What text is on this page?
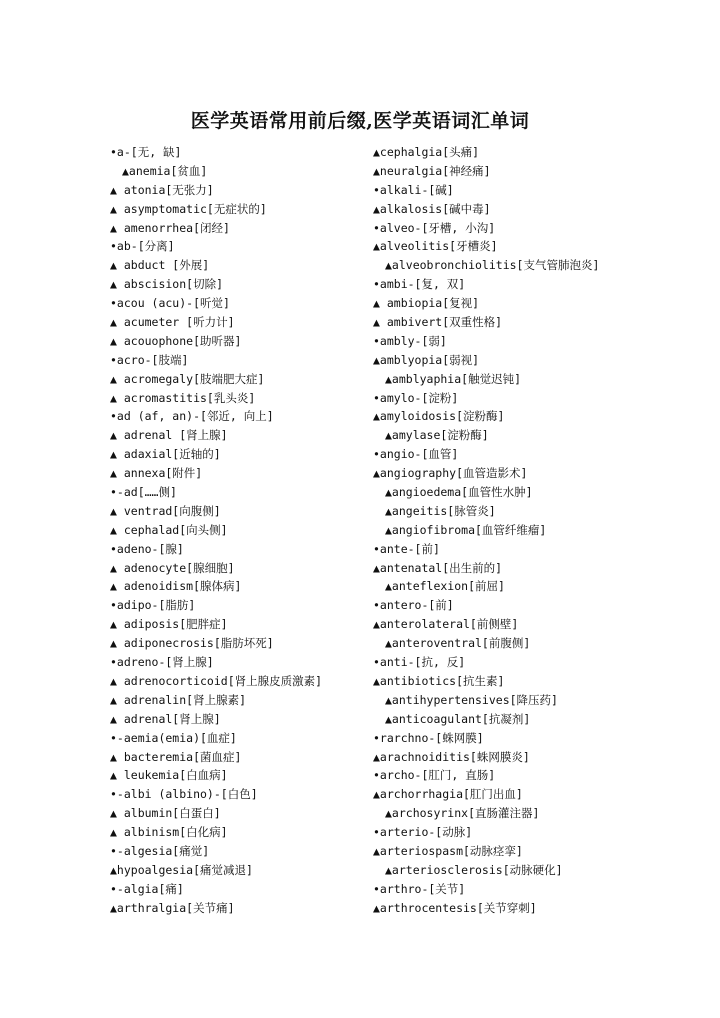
医学英语常用前后缀,医学英语词汇单词
•a-[无, 缺]
▲anemia[贫血]
▲ atonia[无张力]
▲ asymptomatic[无症状的]
▲ amenorrhea[闭经]
•ab-[分离]
▲ abduct [外展]
▲ abscision[切除]
•acou (acu)-[听觉]
▲ acumeter [听力计]
▲ acouophone[助听器]
•acro-[肢端]
▲ acromegaly[肢端肥大症]
▲ acromastitis[乳头炎]
•ad (af, an)-[邻近, 向上]
▲ adrenal [肾上腺]
▲ adaxial[近轴的]
▲ annexa[附件]
•-ad[……侧]
▲ ventrad[向腹侧]
▲ cephalad[向头侧]
•adeno-[腺]
▲ adenocyte[腺细胞]
▲ adenoidism[腺体病]
•adipo-[脂肪]
▲ adiposis[肥胖症]
▲ adiponecrosis[脂肪坏死]
•adreno-[肾上腺]
▲ adrenocorticoid[肾上腺皮质激素]
▲ adrenalin[肾上腺素]
▲ adrenal[肾上腺]
•-aemia(emia)[血症]
▲ bacteremia[菌血症]
▲ leukemia[白血病]
•-albi (albino)-[白色]
▲ albumin[白蛋白]
▲ albinism[白化病]
•-algesia[痛觉]
▲hypoalgesia[痛觉减退]
•-algia[痛]
▲arthralgia[关节痛]
▲cephalgia[头痛]
▲neuralgia[神经痛]
•alkali-[碱]
▲alkalosis[碱中毒]
•alveo-[牙槽, 小沟]
▲alveolitis[牙槽炎]
▲alveobronchiolitis[支气管肺泡炎]
•ambi-[复, 双]
▲ ambiopia[复视]
▲ ambivert[双重性格]
•ambly-[弱]
▲amblyopia[弱视]
▲amblyaphia[触觉迟钝]
•amylo-[淀粉]
▲amyloidosis[淀粉酶]
▲amylase[淀粉酶]
•angio-[血管]
▲angiography[血管造影术]
▲angioedema[血管性水肿]
▲angeitis[脉管炎]
▲angiofibroma[血管纤维瘤]
•ante-[前]
▲antenatal[出生前的]
▲anteflexion[前屈]
•antero-[前]
▲anterolateral[前侧壁]
▲anteroventral[前腹侧]
•anti-[抗, 反]
▲antibiotics[抗生素]
▲antihypertensives[降压药]
▲anticoagulant[抗凝剂]
•rarchno-[蛛网膜]
▲arachnoiditis[蛛网膜炎]
•archo-[肛门, 直肠]
▲archorrhagia[肛门出血]
▲archosyrinx[直肠灌注器]
•arterio-[动脉]
▲arteriospasm[动脉痉挛]
▲arteriosclerosis[动脉硬化]
•arthro-[关节]
▲arthrocentesis[关节穿刺]
